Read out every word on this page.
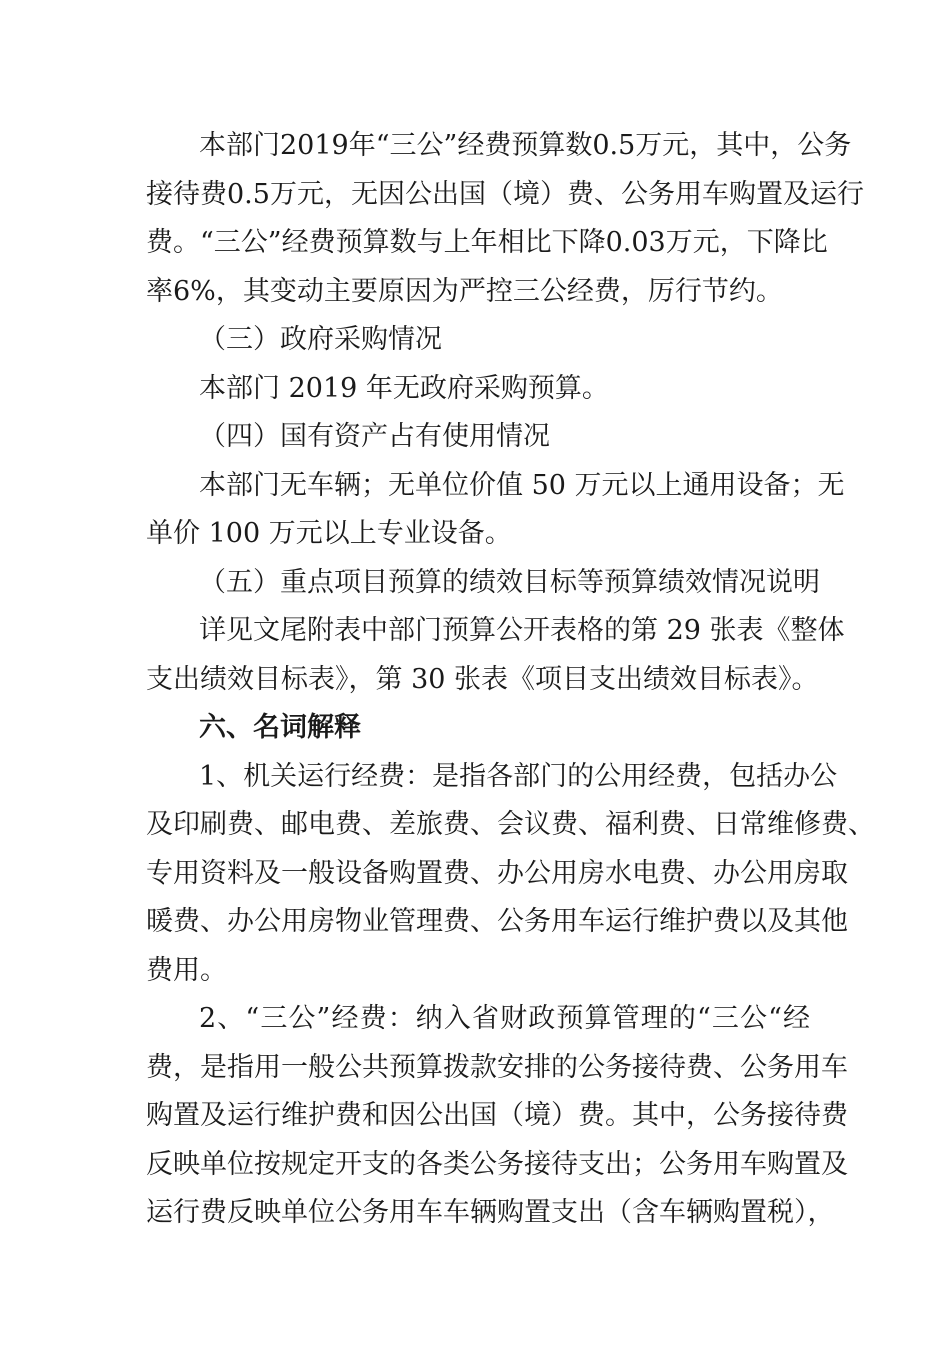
本部门2019年“三公”经费预算数0.5万元，其中，公务
接待费0.5万元，无因公出国（境）费、公务用车购置及运行
费。“三公”经费预算数与上年相比下降0.03万元，下降比
率6%，其变动主要原因为严控三公经费，厉行节约。
（三）政府采购情况
本部门 2019 年无政府采购预算。
（四）国有资产占有使用情况
本部门无车辆；无单位价值 50 万元以上通用设备；无
单价 100 万元以上专业设备。
（五）重点项目预算的绩效目标等预算绩效情况说明
详见文尾附表中部门预算公开表格的第 29 张表《整体
支出绩效目标表》，第 30 张表《项目支出绩效目标表》。
六、名词解释
1、机关运行经费：是指各部门的公用经费，包括办公
及印刷费、邮电费、差旅费、会议费、福利费、日常维修费、
专用资料及一般设备购置费、办公用房水电费、办公用房取
暖费、办公用房物业管理费、公务用车运行维护费以及其他
费用。
2、“三公”经费：纳入省财政预算管理的“三公“经
费，是指用一般公共预算拨款安排的公务接待费、公务用车
购置及运行维护费和因公出国（境）费。其中，公务接待费
反映单位按规定开支的各类公务接待支出；公务用车购置及
运行费反映单位公务用车车辆购置支出（含车辆购置税），
